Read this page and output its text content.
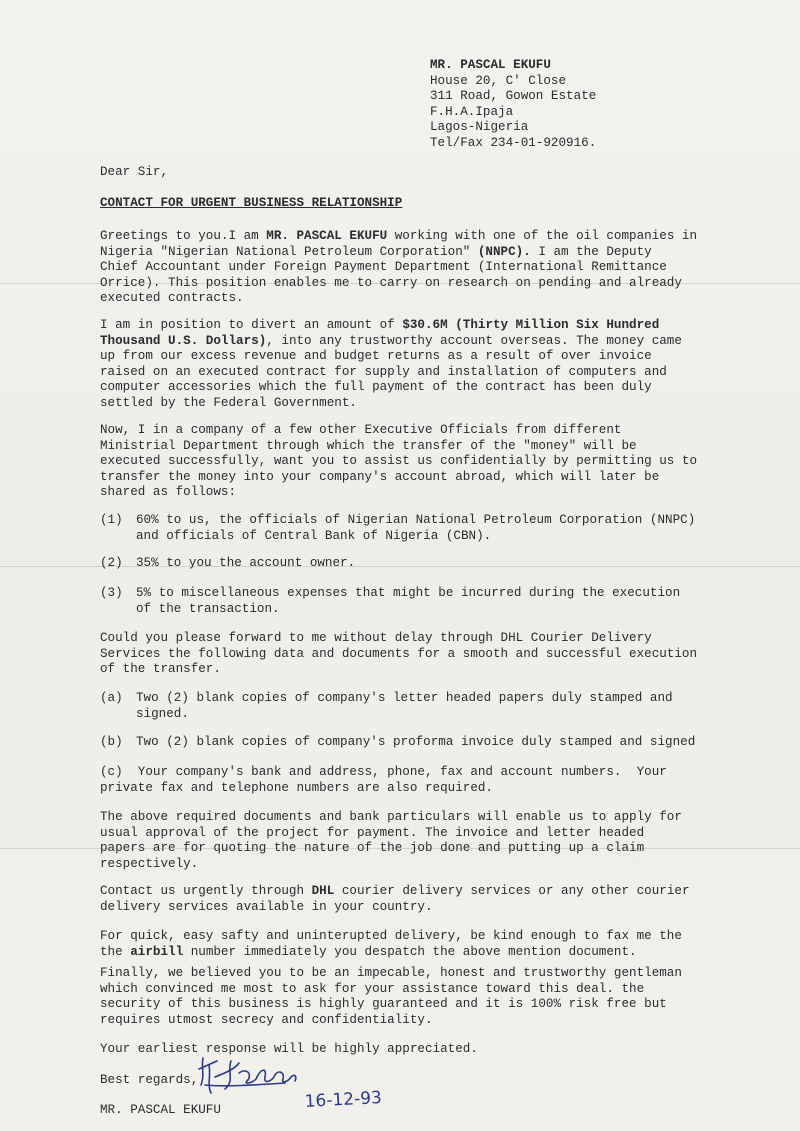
MR. PASCAL EKUFU
House 20, C' Close
311 Road, Gowon Estate
F.H.A.Ipaja
Lagos-Nigeria
Tel/Fax 234-01-920916.
Dear Sir,
CONTACT FOR URGENT BUSINESS RELATIONSHIP
Greetings to you.I am MR. PASCAL EKUFU working with one of the oil companies in
Nigeria "Nigerian National Petroleum Corporation" (NNPC). I am the Deputy
Chief Accountant under Foreign Payment Department (International Remittance
Orrice). This position enables me to carry on research on pending and already
executed contracts.
I am in position to divert an amount of $30.6M (Thirty Million Six Hundred
Thousand U.S. Dollars), into any trustworthy account overseas. The money came
up from our excess revenue and budget returns as a result of over invoice
raised on an executed contract for supply and installation of computers and
computer accessories which the full payment of the contract has been duly
settled by the Federal Government.
Now, I in a company of a few other Executive Officials from different
Ministrial Department through which the transfer of the "money" will be
executed successfully, want you to assist us confidentially by permitting us to
transfer the money into your company's account abroad, which will later be
shared as follows:
(1) 60% to us, the officials of Nigerian National Petroleum Corporation (NNPC)
and officials of Central Bank of Nigeria (CBN).
(2) 35% to you the account owner.
(3) 5% to miscellaneous expenses that might be incurred during the execution
of the transaction.
Could you please forward to me without delay through DHL Courier Delivery
Services the following data and documents for a smooth and successful execution
of the transfer.
(a) Two (2) blank copies of company's letter headed papers duly stamped and
signed.
(b) Two (2) blank copies of company's proforma invoice duly stamped and signed
(c)  Your company's bank and address, phone, fax and account numbers.  Your
private fax and telephone numbers are also required.
The above required documents and bank particulars will enable us to apply for
usual approval of the project for payment. The invoice and letter headed
papers are for quoting the nature of the job done and putting up a claim
respectively.
Contact us urgently through DHL courier delivery services or any other courier
delivery services available in your country.
For quick, easy safty and uninterupted delivery, be kind enough to fax me the
the airbill number immediately you despatch the above mention document.
Finally, we believed you to be an impecable, honest and trustworthy gentleman
which convinced me most to ask for your assistance toward this deal. the
security of this business is highly guaranteed and it is 100% risk free but
requires utmost secrecy and confidentiality.
Your earliest response will be highly appreciated.
Best regards,
MR. PASCAL EKUFU	16-12-93
